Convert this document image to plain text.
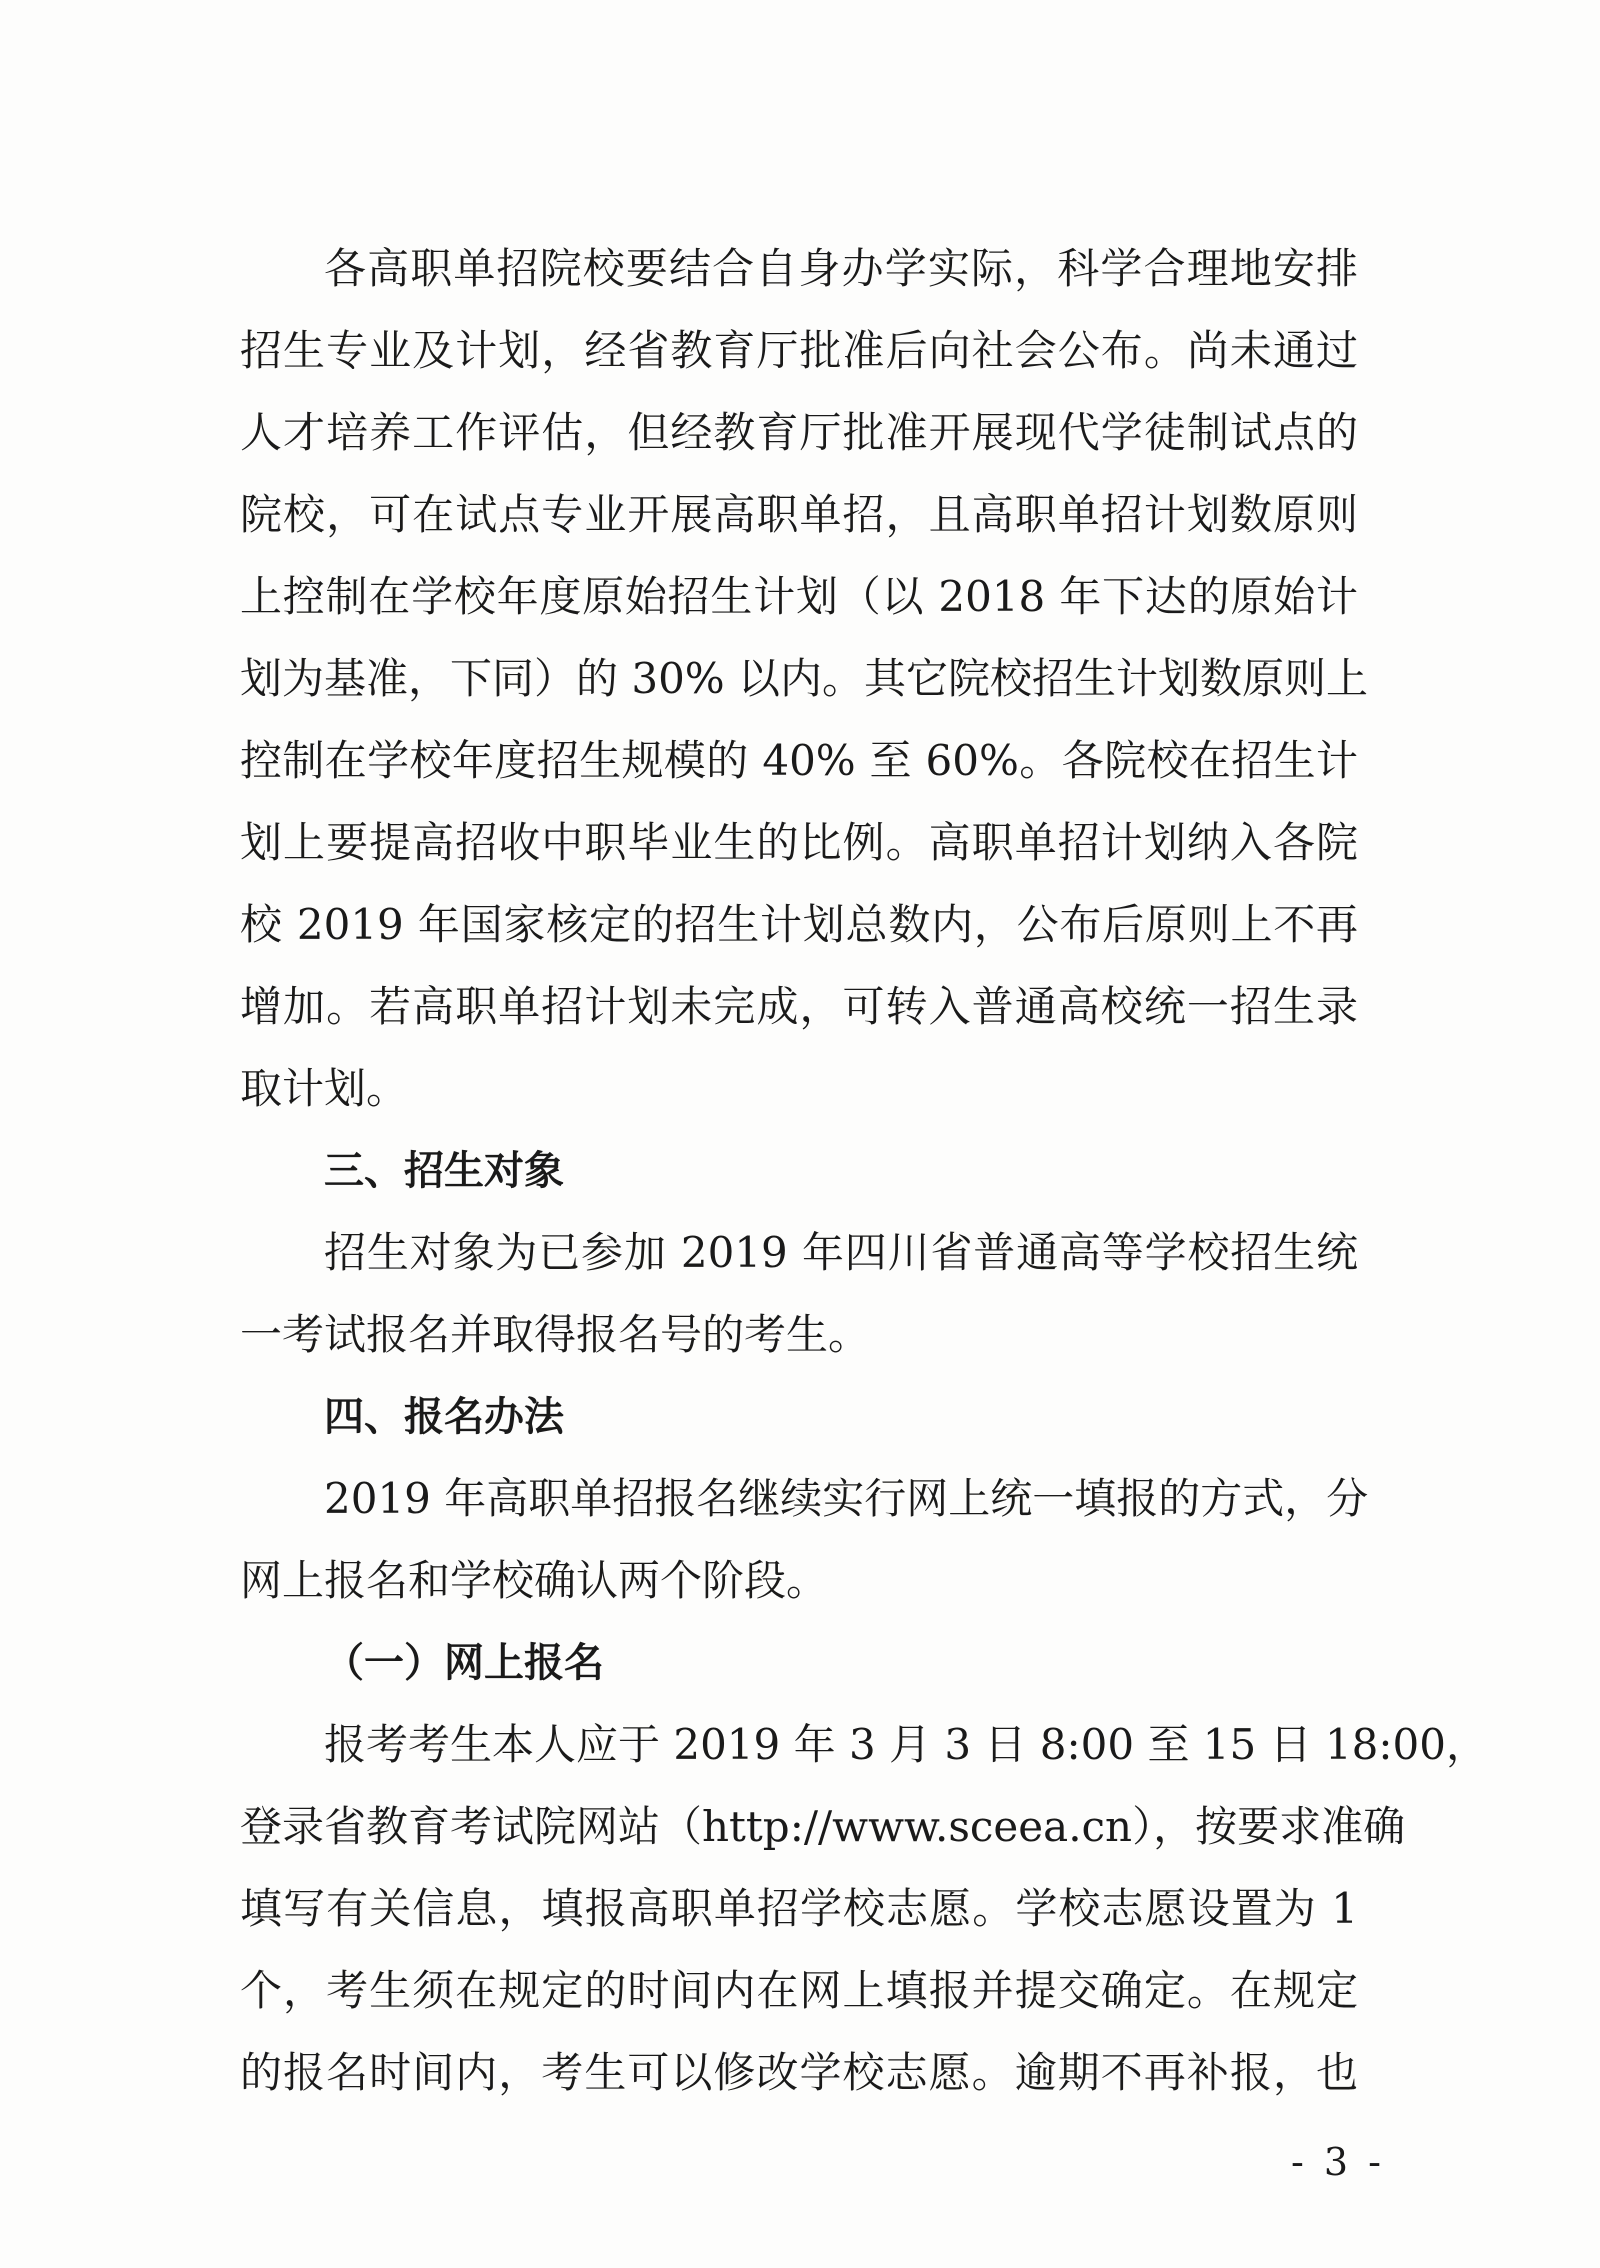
各高职单招院校要结合自身办学实际，科学合理地安排
招生专业及计划，经省教育厅批准后向社会公布。尚未通过
人才培养工作评估，但经教育厅批准开展现代学徒制试点的
院校，可在试点专业开展高职单招，且高职单招计划数原则
上控制在学校年度原始招生计划（以 2018 年下达的原始计
划为基准，下同）的 30% 以内。其它院校招生计划数原则上
控制在学校年度招生规模的 40% 至 60%。各院校在招生计
划上要提高招收中职毕业生的比例。高职单招计划纳入各院
校 2019 年国家核定的招生计划总数内，公布后原则上不再
增加。若高职单招计划未完成，可转入普通高校统一招生录
取计划。
三、招生对象
招生对象为已参加 2019 年四川省普通高等学校招生统
一考试报名并取得报名号的考生。
四、报名办法
2019 年高职单招报名继续实行网上统一填报的方式，分
网上报名和学校确认两个阶段。
（一）网上报名
报考考生本人应于 2019 年 3 月 3 日 8:00 至 15 日 18:00，
登录省教育考试院网站（http://www.sceea.cn），按要求准确
填写有关信息，填报高职单招学校志愿。学校志愿设置为 1
个，考生须在规定的时间内在网上填报并提交确定。在规定
的报名时间内，考生可以修改学校志愿。逾期不再补报，也
- 3 -
